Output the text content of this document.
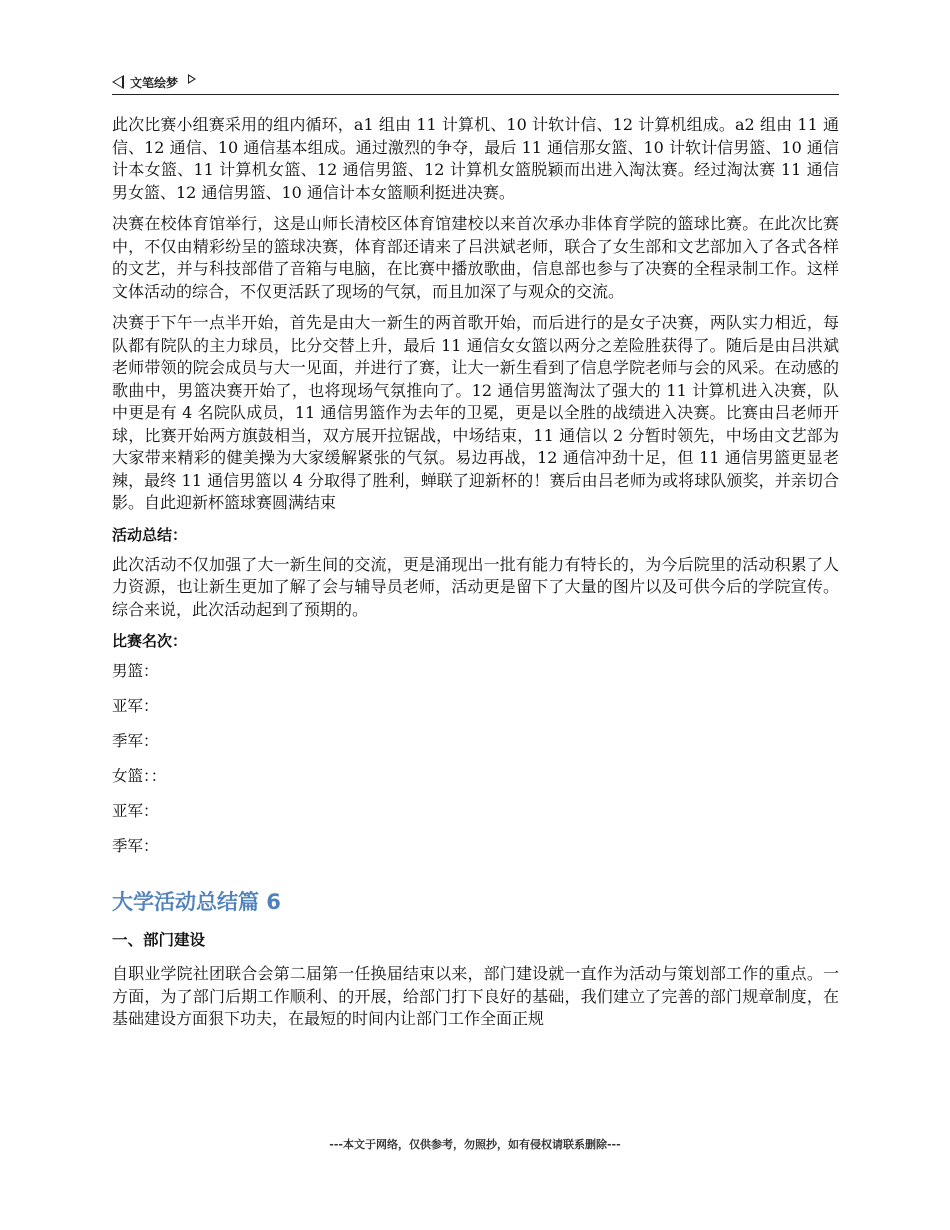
文笔绘梦

此次比赛小组赛采用的组内循环，a1 组由 11 计算机、10 计软计信、12 计算机组成。a2 组由 11 通信、12 通信、10 通信基本组成。通过激烈的争夺，最后 11 通信那女篮、10 计软计信男篮、10 通信计本女篮、11 计算机女篮、12 通信男篮、12 计算机女篮脱颖而出进入淘汰赛。经过淘汰赛 11 通信男女篮、12 通信男篮、10 通信计本女篮顺利挺进决赛。

决赛在校体育馆举行，这是山师长清校区体育馆建校以来首次承办非体育学院的篮球比赛。在此次比赛中，不仅由精彩纷呈的篮球决赛，体育部还请来了吕洪斌老师，联合了女生部和文艺部加入了各式各样的文艺，并与科技部借了音箱与电脑，在比赛中播放歌曲，信息部也参与了决赛的全程录制工作。这样文体活动的综合，不仅更活跃了现场的气氛，而且加深了与观众的交流。

决赛于下午一点半开始，首先是由大一新生的两首歌开始，而后进行的是女子决赛，两队实力相近，每队都有院队的主力球员，比分交替上升，最后 11 通信女女篮以两分之差险胜获得了。随后是由吕洪斌老师带领的院会成员与大一见面，并进行了赛，让大一新生看到了信息学院老师与会的风采。在动感的歌曲中，男篮决赛开始了，也将现场气氛推向了。12 通信男篮淘汰了强大的 11 计算机进入决赛，队中更是有 4 名院队成员，11 通信男篮作为去年的卫冕，更是以全胜的战绩进入决赛。比赛由吕老师开球，比赛开始两方旗鼓相当，双方展开拉锯战，中场结束，11 通信以 2 分暂时领先，中场由文艺部为大家带来精彩的健美操为大家缓解紧张的气氛。易边再战，12 通信冲劲十足，但 11 通信男篮更显老辣，最终 11 通信男篮以 4 分取得了胜利，蝉联了迎新杯的！赛后由吕老师为或将球队颁奖，并亲切合影。自此迎新杯篮球赛圆满结束

活动总结：

此次活动不仅加强了大一新生间的交流，更是涌现出一批有能力有特长的，为今后院里的活动积累了人力资源，也让新生更加了解了会与辅导员老师，活动更是留下了大量的图片以及可供今后的学院宣传。综合来说，此次活动起到了预期的。

比赛名次：
男篮：
亚军：
季军：
女篮：：
亚军：
季军：
大学活动总结篇 6
一、部门建设

自职业学院社团联合会第二届第一任换届结束以来，部门建设就一直作为活动与策划部工作的重点。一方面，为了部门后期工作顺利、的开展，给部门打下良好的基础，我们建立了完善的部门规章制度，在基础建设方面狠下功夫，在最短的时间内让部门工作全面正规

---本文于网络，仅供参考，勿照抄，如有侵权请联系删除---
